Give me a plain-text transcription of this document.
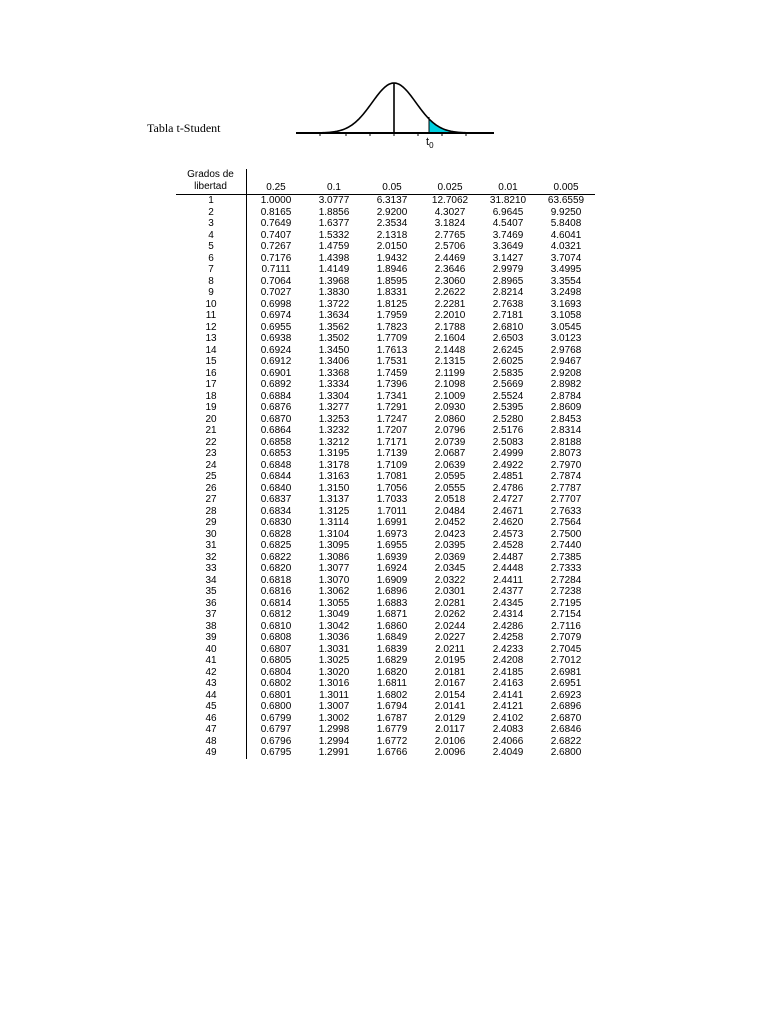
Tabla t-Student
$t_0$
Grados de						
libertad	0.25	0.1	0.05	0.025	0.01	0.005
1	1.0000	3.0777	6.3137	12.7062	31.8210	63.6559
2	0.8165	1.8856	2.9200	4.3027	6.9645	9.9250
3	0.7649	1.6377	2.3534	3.1824	4.5407	5.8408
4	0.7407	1.5332	2.1318	2.7765	3.7469	4.6041
5	0.7267	1.4759	2.0150	2.5706	3.3649	4.0321
6	0.7176	1.4398	1.9432	2.4469	3.1427	3.7074
7	0.7111	1.4149	1.8946	2.3646	2.9979	3.4995
8	0.7064	1.3968	1.8595	2.3060	2.8965	3.3554
9	0.7027	1.3830	1.8331	2.2622	2.8214	3.2498
10	0.6998	1.3722	1.8125	2.2281	2.7638	3.1693
11	0.6974	1.3634	1.7959	2.2010	2.7181	3.1058
12	0.6955	1.3562	1.7823	2.1788	2.6810	3.0545
13	0.6938	1.3502	1.7709	2.1604	2.6503	3.0123
14	0.6924	1.3450	1.7613	2.1448	2.6245	2.9768
15	0.6912	1.3406	1.7531	2.1315	2.6025	2.9467
16	0.6901	1.3368	1.7459	2.1199	2.5835	2.9208
17	0.6892	1.3334	1.7396	2.1098	2.5669	2.8982
18	0.6884	1.3304	1.7341	2.1009	2.5524	2.8784
19	0.6876	1.3277	1.7291	2.0930	2.5395	2.8609
20	0.6870	1.3253	1.7247	2.0860	2.5280	2.8453
21	0.6864	1.3232	1.7207	2.0796	2.5176	2.8314
22	0.6858	1.3212	1.7171	2.0739	2.5083	2.8188
23	0.6853	1.3195	1.7139	2.0687	2.4999	2.8073
24	0.6848	1.3178	1.7109	2.0639	2.4922	2.7970
25	0.6844	1.3163	1.7081	2.0595	2.4851	2.7874
26	0.6840	1.3150	1.7056	2.0555	2.4786	2.7787
27	0.6837	1.3137	1.7033	2.0518	2.4727	2.7707
28	0.6834	1.3125	1.7011	2.0484	2.4671	2.7633
29	0.6830	1.3114	1.6991	2.0452	2.4620	2.7564
30	0.6828	1.3104	1.6973	2.0423	2.4573	2.7500
31	0.6825	1.3095	1.6955	2.0395	2.4528	2.7440
32	0.6822	1.3086	1.6939	2.0369	2.4487	2.7385
33	0.6820	1.3077	1.6924	2.0345	2.4448	2.7333
34	0.6818	1.3070	1.6909	2.0322	2.4411	2.7284
35	0.6816	1.3062	1.6896	2.0301	2.4377	2.7238
36	0.6814	1.3055	1.6883	2.0281	2.4345	2.7195
37	0.6812	1.3049	1.6871	2.0262	2.4314	2.7154
38	0.6810	1.3042	1.6860	2.0244	2.4286	2.7116
39	0.6808	1.3036	1.6849	2.0227	2.4258	2.7079
40	0.6807	1.3031	1.6839	2.0211	2.4233	2.7045
41	0.6805	1.3025	1.6829	2.0195	2.4208	2.7012
42	0.6804	1.3020	1.6820	2.0181	2.4185	2.6981
43	0.6802	1.3016	1.6811	2.0167	2.4163	2.6951
44	0.6801	1.3011	1.6802	2.0154	2.4141	2.6923
45	0.6800	1.3007	1.6794	2.0141	2.4121	2.6896
46	0.6799	1.3002	1.6787	2.0129	2.4102	2.6870
47	0.6797	1.2998	1.6779	2.0117	2.4083	2.6846
48	0.6796	1.2994	1.6772	2.0106	2.4066	2.6822
49	0.6795	1.2991	1.6766	2.0096	2.4049	2.6800
